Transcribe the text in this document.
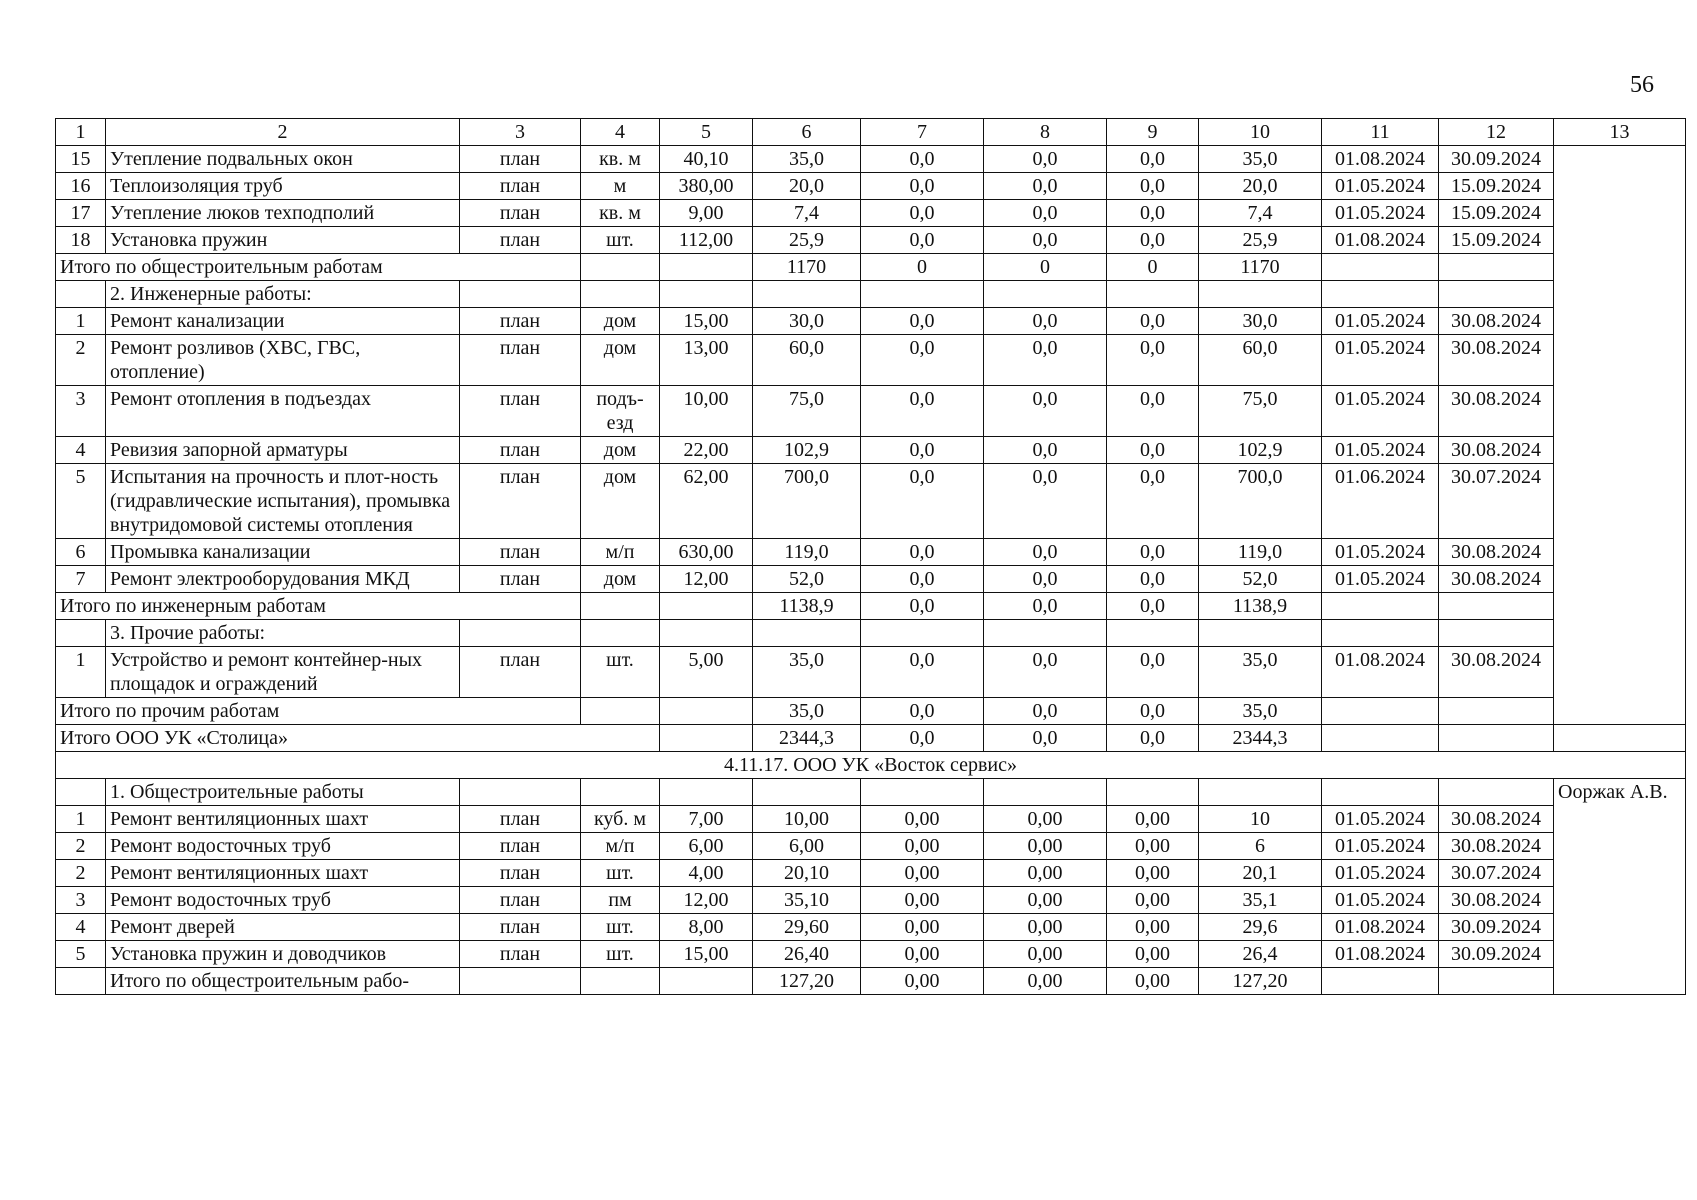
56
1	2	3	4	5	6	7	8	9	10	11	12	13
15	Утепление подвальных окон	план	кв. м	40,10	35,0	0,0	0,0	0,0	35,0	01.08.2024	30.09.2024	
16	Теплоизоляция труб	план	м	380,00	20,0	0,0	0,0	0,0	20,0	01.05.2024	15.09.2024	
17	Утепление люков техподполий	план	кв. м	9,00	7,4	0,0	0,0	0,0	7,4	01.05.2024	15.09.2024	
18	Установка пружин	план	шт.	112,00	25,9	0,0	0,0	0,0	25,9	01.08.2024	15.09.2024	
Итого по общестроительным работам					1170	0	0	0	1170			
	2. Инженерные работы:											
1	Ремонт канализации	план	дом	15,00	30,0	0,0	0,0	0,0	30,0	01.05.2024	30.08.2024	
2	Ремонт розливов (ХВС, ГВС, отопление)	план	дом	13,00	60,0	0,0	0,0	0,0	60,0	01.05.2024	30.08.2024	
3	Ремонт отопления в подъездах	план	подъ-езд	10,00	75,0	0,0	0,0	0,0	75,0	01.05.2024	30.08.2024	
4	Ревизия запорной арматуры	план	дом	22,00	102,9	0,0	0,0	0,0	102,9	01.05.2024	30.08.2024	
5	Испытания на прочность и плот-ность (гидравлические испытания), промывка внутридомовой системы отопления	план	дом	62,00	700,0	0,0	0,0	0,0	700,0	01.06.2024	30.07.2024	
6	Промывка канализации	план	м/п	630,00	119,0	0,0	0,0	0,0	119,0	01.05.2024	30.08.2024	
7	Ремонт электрооборудования МКД	план	дом	12,00	52,0	0,0	0,0	0,0	52,0	01.05.2024	30.08.2024	
Итого по инженерным работам					1138,9	0,0	0,0	0,0	1138,9			
	3. Прочие работы:											
1	Устройство и ремонт контейнер-ных площадок и ограждений	план	шт.	5,00	35,0	0,0	0,0	0,0	35,0	01.08.2024	30.08.2024	
Итого по прочим работам					35,0	0,0	0,0	0,0	35,0			
Итого ООО УК «Столица»					2344,3	0,0	0,0	0,0	2344,3			
4.11.17. ООО УК «Восток сервис»												
	1. Общестроительные работы											Ооржак А.В.
1	Ремонт вентиляционных шахт	план	куб. м	7,00	10,00	0,00	0,00	0,00	10	01.05.2024	30.08.2024	
2	Ремонт водосточных труб	план	м/п	6,00	6,00	0,00	0,00	0,00	6	01.05.2024	30.08.2024	
2	Ремонт вентиляционных шахт	план	шт.	4,00	20,10	0,00	0,00	0,00	20,1	01.05.2024	30.07.2024	
3	Ремонт водосточных труб	план	пм	12,00	35,10	0,00	0,00	0,00	35,1	01.05.2024	30.08.2024	
4	Ремонт дверей	план	шт.	8,00	29,60	0,00	0,00	0,00	29,6	01.08.2024	30.09.2024	
5	Установка пружин и доводчиков	план	шт.	15,00	26,40	0,00	0,00	0,00	26,4	01.08.2024	30.09.2024	
	Итого по общестроительным рабо-				127,20	0,00	0,00	0,00	127,20			
